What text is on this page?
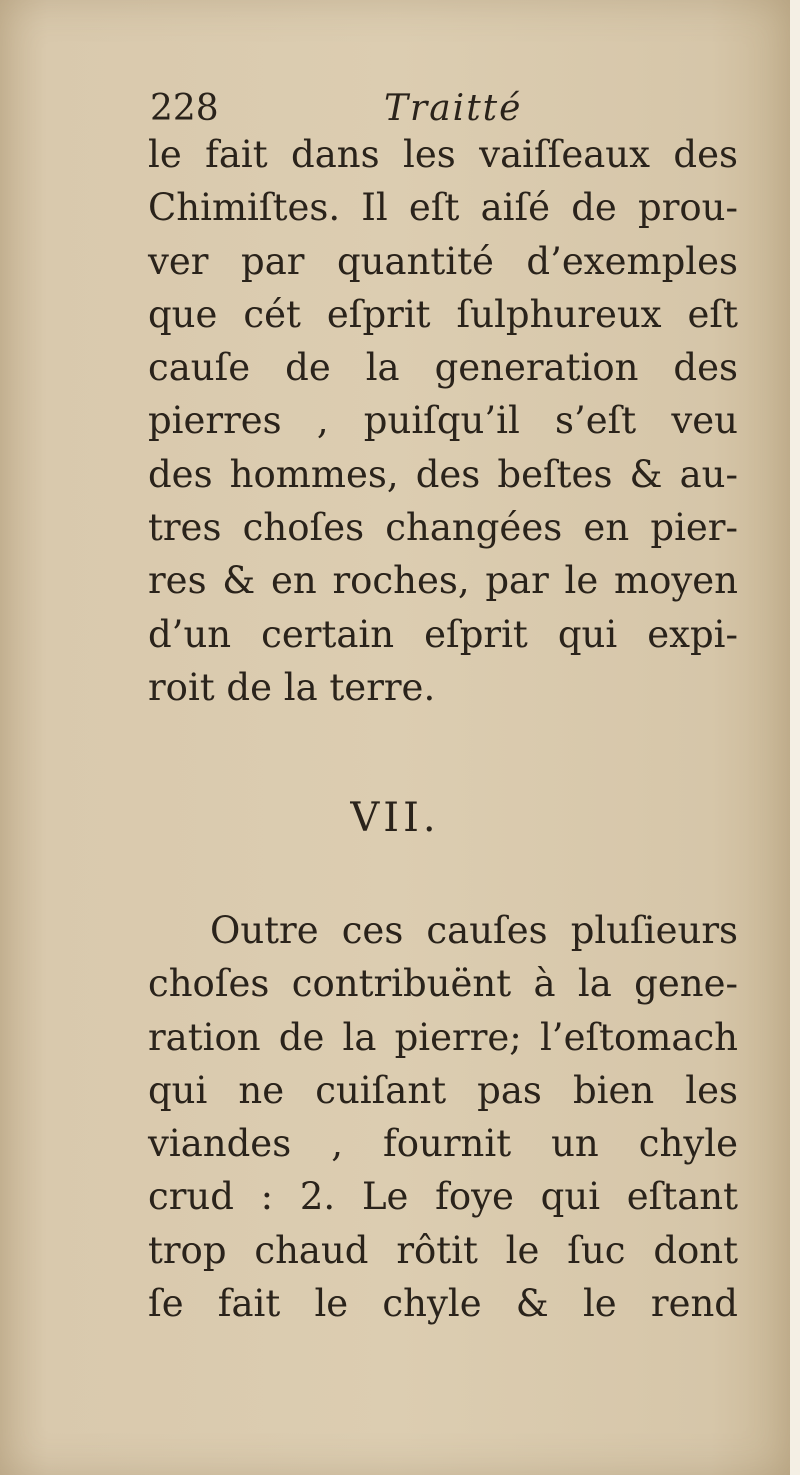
228	Traitté
le fait dans les vaiſſeaux des
Chimiſtes. Il eſt aiſé de prou-
ver par quantité d’exemples
que cét eſprit ſulphureux eſt
cauſe de la generation des
pierres , puiſqu’il s’eſt veu
des hommes, des beſtes & au-
tres choſes changées en pier-
res & en roches, par le moyen
d’un certain eſprit qui expi-
roit de la terre.
VII.
Outre ces cauſes pluſieurs
choſes contribuënt à la gene-
ration de la pierre; l’eſtomach
qui ne cuiſant pas bien les
viandes , fournit un chyle
crud : 2. Le foye qui eſtant
trop chaud rôtit le ſuc dont
ſe fait le chyle & le rend
